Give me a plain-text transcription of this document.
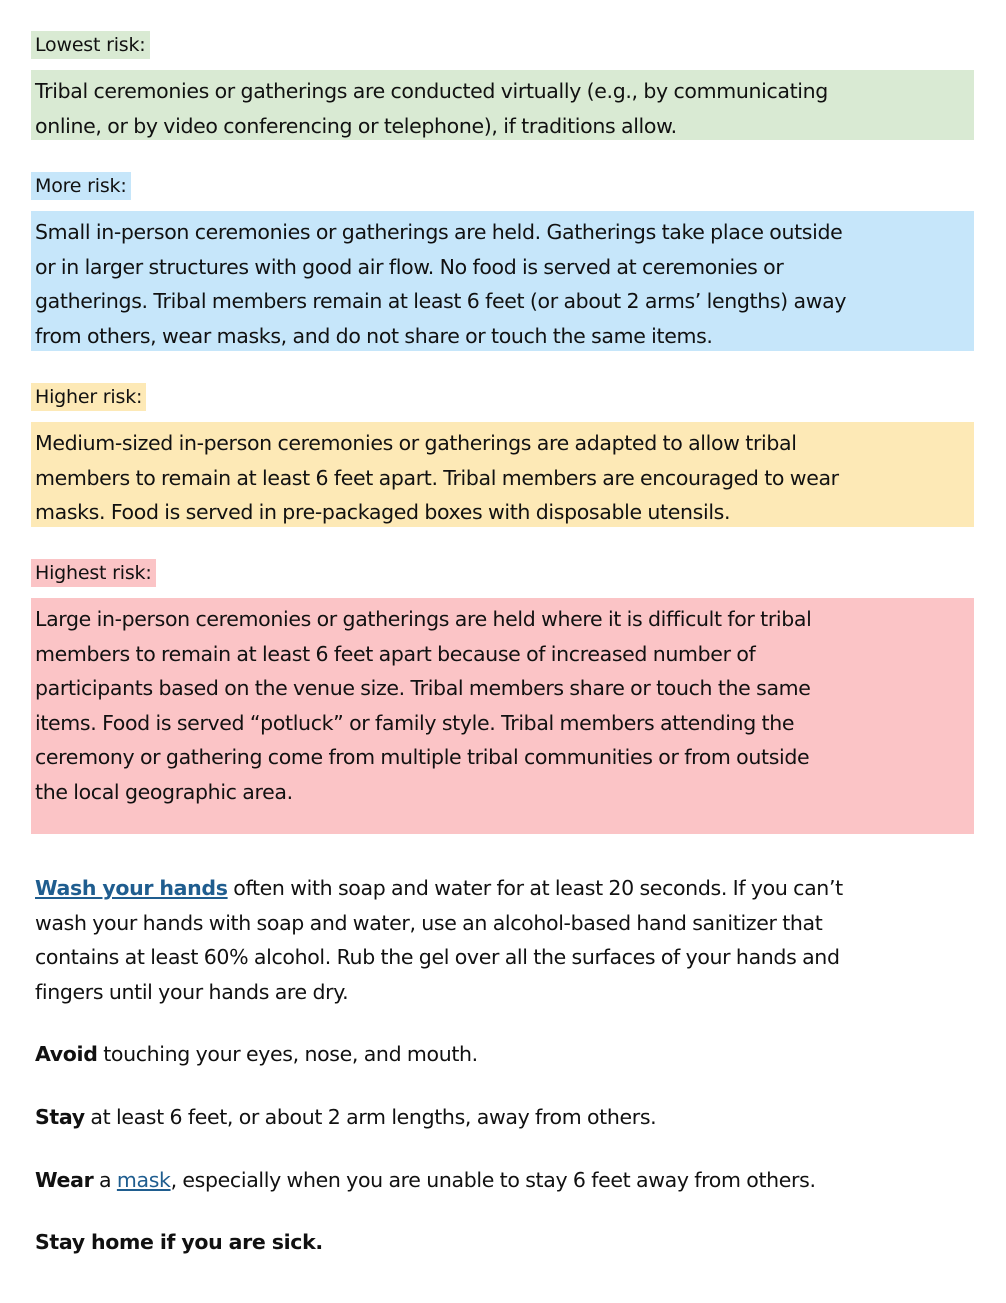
Lowest risk:

Tribal ceremonies or gatherings are conducted virtually (e.g., by communicating

online, or by video conferencing or telephone), if traditions allow.

More risk:

Small in-person ceremonies or gatherings are held. Gatherings take place outside

or in larger structures with good air flow. No food is served at ceremonies or

gatherings. Tribal members remain at least 6 feet (or about 2 arms’ lengths) away

from others, wear masks, and do not share or touch the same items.

Higher risk:

Medium-sized in-person ceremonies or gatherings are adapted to allow tribal

members to remain at least 6 feet apart. Tribal members are encouraged to wear

masks. Food is served in pre-packaged boxes with disposable utensils.

Highest risk:

Large in-person ceremonies or gatherings are held where it is difficult for tribal

members to remain at least 6 feet apart because of increased number of

participants based on the venue size. Tribal members share or touch the same

items. Food is served “potluck” or family style. Tribal members attending the

ceremony or gathering come from multiple tribal communities or from outside

the local geographic area.

Wash your hands often with soap and water for at least 20 seconds. If you can’t
wash your hands with soap and water, use an alcohol-based hand sanitizer that
contains at least 60% alcohol. Rub the gel over all the surfaces of your hands and
fingers until your hands are dry.
Avoid touching your eyes, nose, and mouth.
Stay at least 6 feet, or about 2 arm lengths, away from others.
Wear a mask, especially when you are unable to stay 6 feet away from others.
Stay home if you are sick.
